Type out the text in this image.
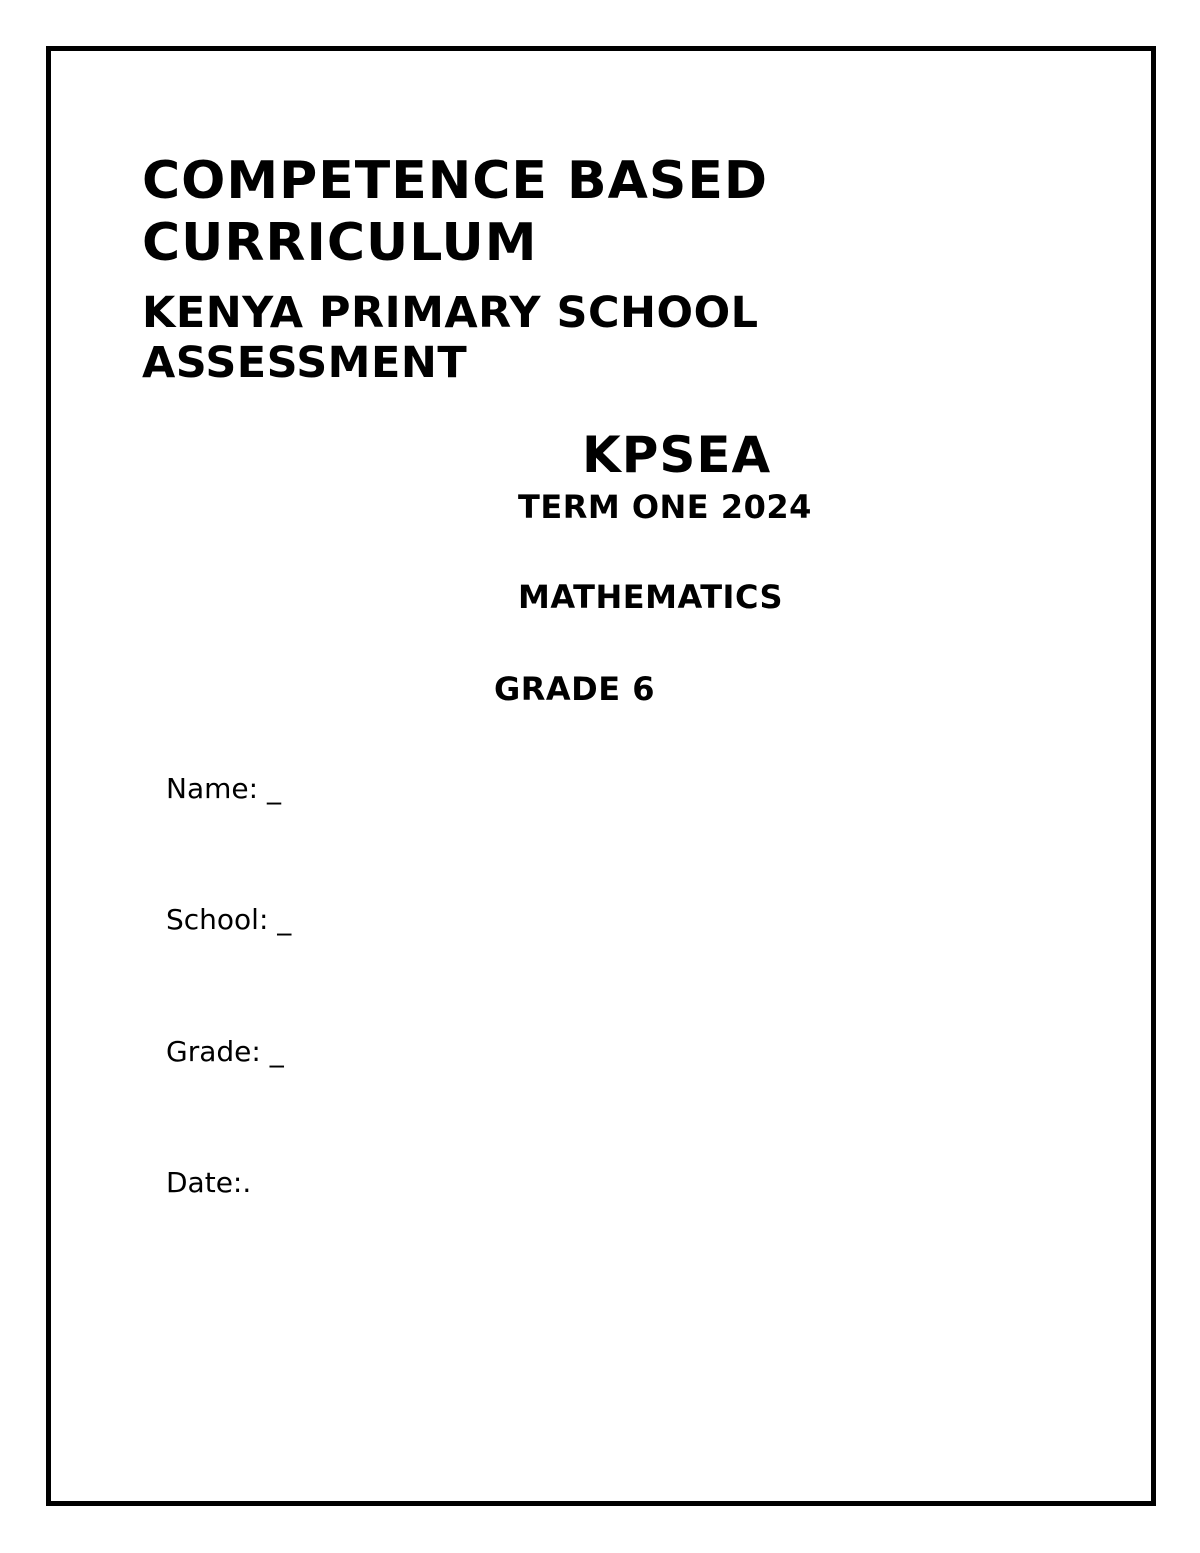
COMPETENCE BASED

CURRICULUM

KENYA PRIMARY SCHOOL

ASSESSMENT

KPSEA

TERM ONE 2024

MATHEMATICS

GRADE 6

Name: _

School: _

Grade: _

Date:.
